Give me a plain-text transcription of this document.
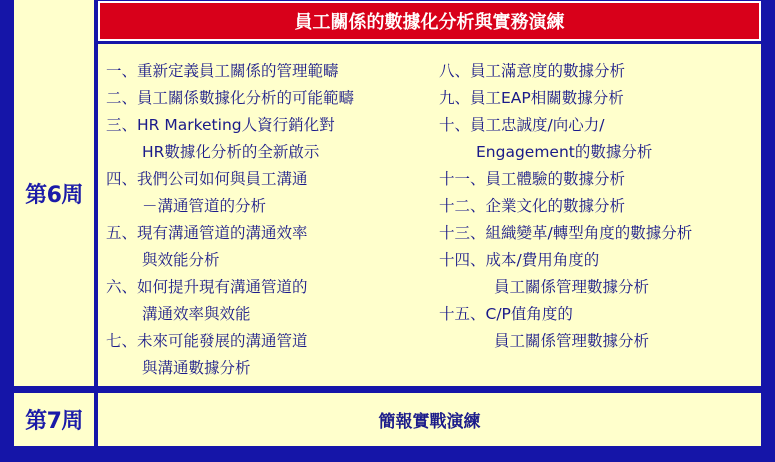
第6周
員工關係的數據化分析與實務演練
一、重新定義員工關係的管理範疇
二、員工關係數據化分析的可能範疇
三、HR Marketing人資行銷化對
HR數據化分析的全新啟示
四、我們公司如何與員工溝通
－溝通管道的分析
五、現有溝通管道的溝通效率
與效能分析
六、如何提升現有溝通管道的
溝通效率與效能
七、未來可能發展的溝通管道
與溝通數據分析
八、員工滿意度的數據分析
九、員工EAP相關數據分析
十、員工忠誠度/向心力/
Engagement的數據分析
十一、員工體驗的數據分析
十二、企業文化的數據分析
十三、組織變革/轉型角度的數據分析
十四、成本/費用角度的
員工關係管理數據分析
十五、C/P值角度的
員工關係管理數據分析
第7周	簡報實戰演練
